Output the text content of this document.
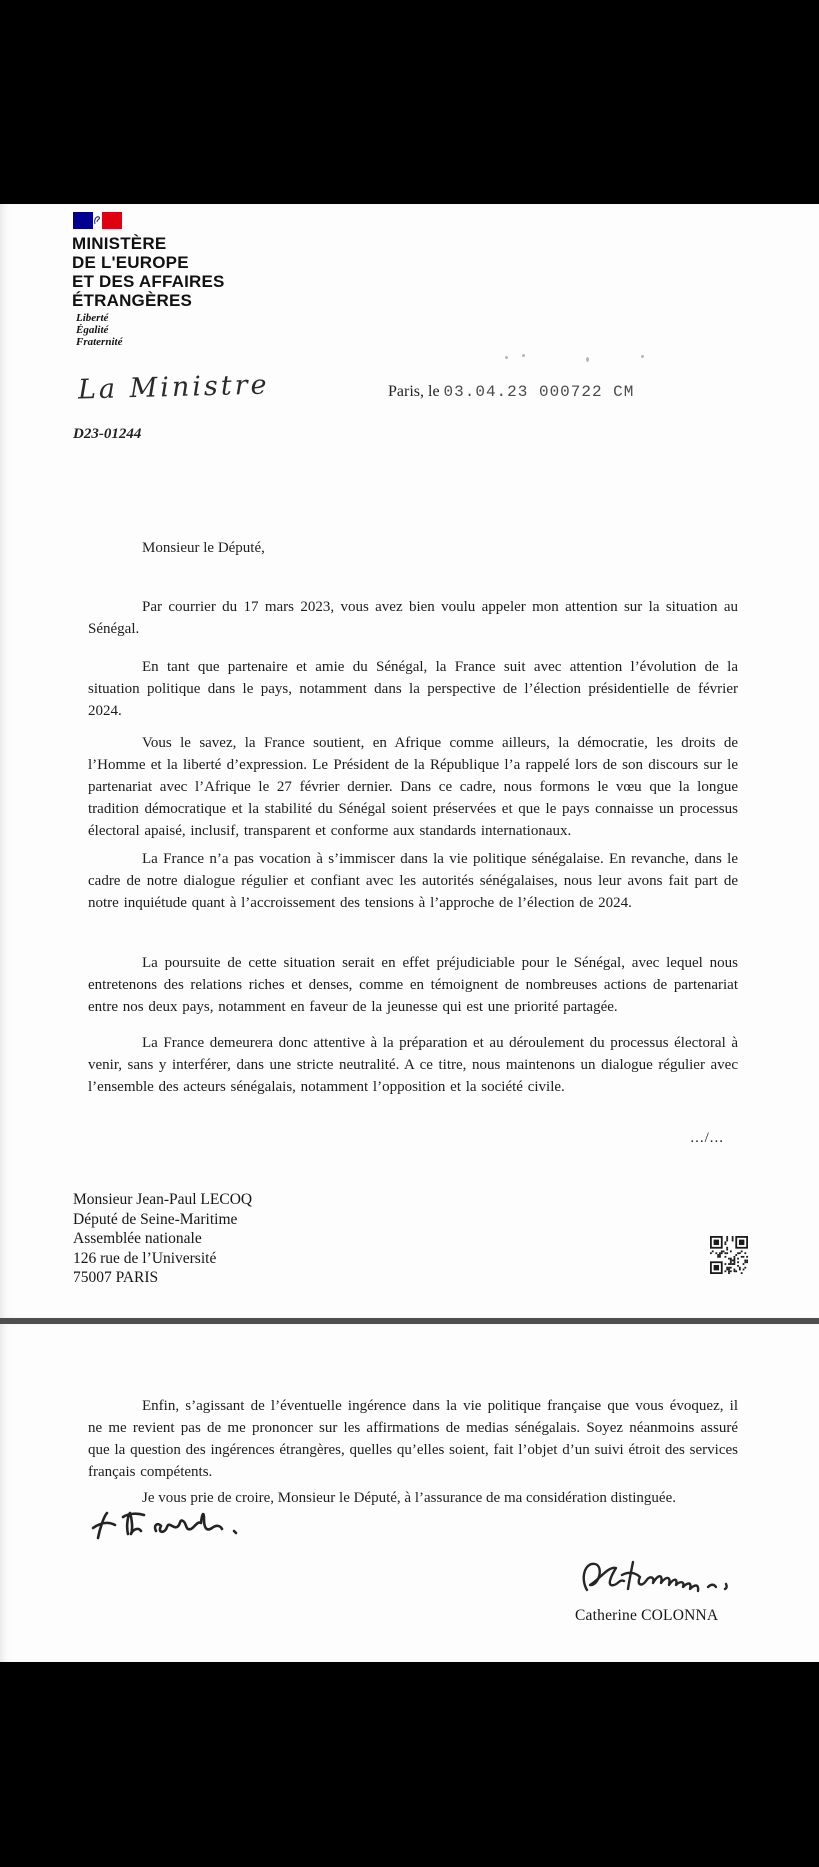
MINISTÈRE
DE L'EUROPE
ET DES AFFAIRES
ÉTRANGÈRES
Liberté
Égalité
Fraternité
La Ministre	Paris, le 03.04.23 000722 CM
D23-01244
Monsieur le Député,

Par courrier du 17 mars 2023, vous avez bien voulu appeler mon attention sur la situation au Sénégal.

En tant que partenaire et amie du Sénégal, la France suit avec attention l’évolution de la situation politique dans le pays, notamment dans la perspective de l’élection présidentielle de février 2024.

Vous le savez, la France soutient, en Afrique comme ailleurs, la démocratie, les droits de l’Homme et la liberté d’expression. Le Président de la République l’a rappelé lors de son discours sur le partenariat avec l’Afrique le 27 février dernier. Dans ce cadre, nous formons le vœu que la longue tradition démocratique et la stabilité du Sénégal soient préservées et que le pays connaisse un processus électoral apaisé, inclusif, transparent et conforme aux standards internationaux.

La France n’a pas vocation à s’immiscer dans la vie politique sénégalaise. En revanche, dans le cadre de notre dialogue régulier et confiant avec les autorités sénégalaises, nous leur avons fait part de notre inquiétude quant à l’accroissement des tensions à l’approche de l’élection de 2024.

La poursuite de cette situation serait en effet préjudiciable pour le Sénégal, avec lequel nous entretenons des relations riches et denses, comme en témoignent de nombreuses actions de partenariat entre nos deux pays, notamment en faveur de la jeunesse qui est une priorité partagée.

La France demeurera donc attentive à la préparation et au déroulement du processus électoral à venir, sans y interférer, dans une stricte neutralité. A ce titre, nous maintenons un dialogue régulier avec l’ensemble des acteurs sénégalais, notamment l’opposition et la société civile.

.../...
Monsieur Jean-Paul LECOQ
Député de Seine-Maritime
Assemblée nationale
126 rue de l’Université
75007 PARIS

Enfin, s’agissant de l’éventuelle ingérence dans la vie politique française que vous évoquez, il ne me revient pas de me prononcer sur les affirmations de medias sénégalais. Soyez néanmoins assuré que la question des ingérences étrangères, quelles qu’elles soient, fait l’objet d’un suivi étroit des services français compétents.

Je vous prie de croire, Monsieur le Député, à l’assurance de ma considération distinguée.

Catherine COLONNA
